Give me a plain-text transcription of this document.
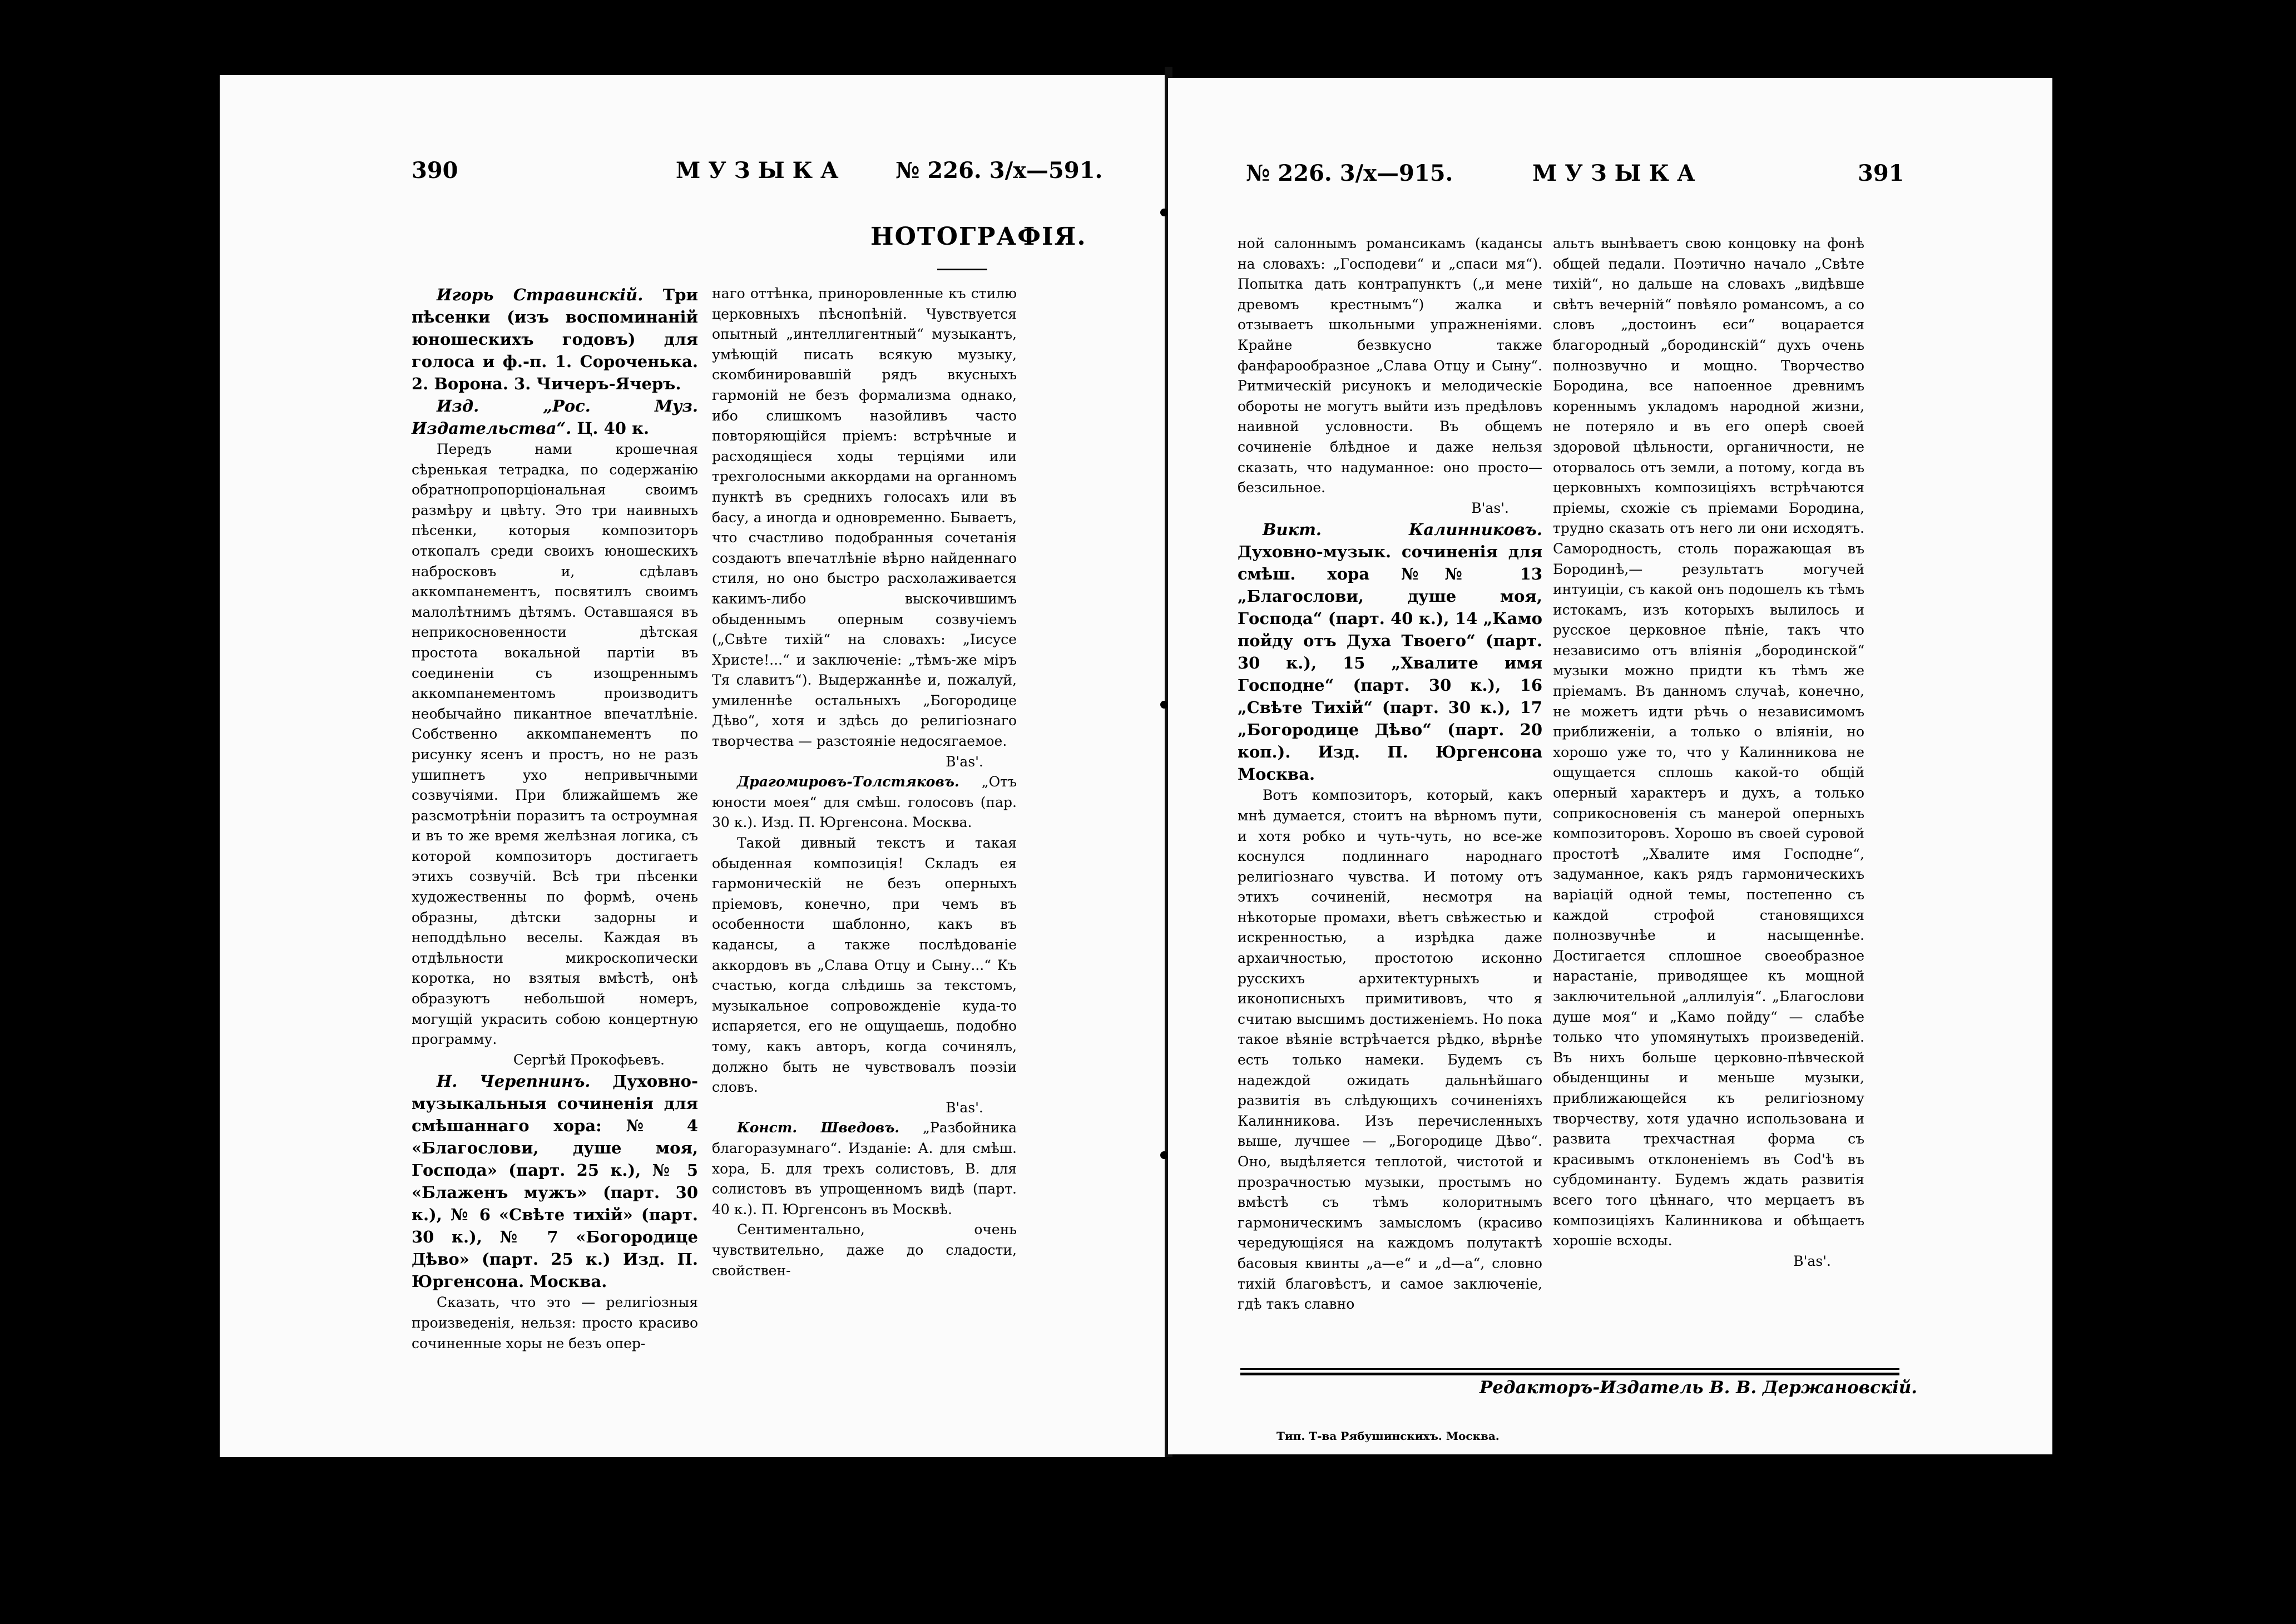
390	МУЗЫКА № 226. 3/х—591.
НОТОГРАФІЯ.

Игорь Стравинскій. Три пѣсенки (изъ воспоминаній юношескихъ годовъ) для голоса и ф.-п. 1. Сороченька. 2. Ворона. 3. Чичеръ-Ячеръ.

Изд. „Рос. Муз. Издательства“. Ц. 40 к.

Передъ нами крошечная сѣренькая тетрадка, по содержанію обратнопропорціональная своимъ размѣру и цвѣту. Это три наивныхъ пѣсенки, которыя композиторъ откопалъ среди своихъ юношескихъ набросковъ и, сдѣлавъ аккомпанементъ, посвятилъ своимъ малолѣтнимъ дѣтямъ. Оставшаяся въ неприкосновенности дѣтская простота вокальной партіи въ соединеніи съ изощреннымъ аккомпанементомъ производитъ необычайно пикантное впечатлѣніе. Собственно аккомпанементъ по рисунку ясенъ и простъ, но не разъ ушипнетъ ухо непривычными созвучіями. При ближайшемъ же разсмотрѣніи поразитъ та остроумная и въ то же время желѣзная логика, съ которой композиторъ достигаетъ этихъ созвучій. Всѣ три пѣсенки художественны по формѣ, очень образны, дѣтски задорны и неподдѣльно веселы. Каждая въ отдѣльности микроскопически коротка, но взятыя вмѣстѣ, онѣ образуютъ небольшой номеръ, могущій украсить собою концертную программу.

Сергѣй Прокофьевъ.

Н. Черепнинъ. Духовно-музыкальныя сочиненія для смѣшаннаго хора: № 4 «Благослови, душе моя, Господа» (парт. 25 к.), № 5 «Блаженъ мужъ» (парт. 30 к.), № 6 «Свѣте тихій» (парт. 30 к.), № 7 «Богородице Дѣво» (парт. 25 к.) Изд. П. Юргенсона. Москва.

Сказать, что это — религіозныя произведенія, нельзя: просто красиво сочиненные хоры не безъ опер-

наго оттѣнка, приноровленные къ стилю церковныхъ пѣснопѣній. Чувствуется опытный „интеллигентный“ музыкантъ, умѣющій писать всякую музыку, скомбинировавшій рядъ вкусныхъ гармоній не безъ формализма однако, ибо слишкомъ назойливъ часто повторяющійся пріемъ: встрѣчные и расходящіеся ходы терціями или трехголосными аккордами на органномъ пунктѣ въ среднихъ голосахъ или въ басу, а иногда и одновременно. Бываетъ, что счастливо подобранныя сочетанія создаютъ впечатлѣніе вѣрно найденнаго стиля, но оно быстро расхолаживается какимъ-либо выскочившимъ обыденнымъ оперным созвучіемъ („Свѣте тихій“ на словахъ: „Іисусе Христе!...“ и заключеніе: „тѣмъ-же міръ Тя славитъ“). Выдержаннѣе и, пожалуй, умиленнѣе остальныхъ „Богородице Дѣво“, хотя и здѣсь до религіознаго творчества — разстояніе недосягаемое.

B'as'.

Драгомировъ-Толстяковъ. „Отъ юности моея“ для смѣш. голосовъ (пар. 30 к.). Изд. П. Юргенсона. Москва.

Такой дивный текстъ и такая обыденная композиція! Складъ ея гармоническій не безъ оперныхъ пріемовъ, конечно, при чемъ въ особенности шаблонно, какъ въ кадансы, а также послѣдованіе аккордовъ въ „Слава Отцу и Сыну...“ Къ счастью, когда слѣдишь за текстомъ, музыкальное сопровожденіе куда-то испаряется, его не ощущаешь, подобно тому, какъ авторъ, когда сочинялъ, должно быть не чувствовалъ поэзіи словъ.

B'as'.

Конст. Шведовъ. „Разбойника благоразумнаго“. Изданіе: А. для смѣш. хора, Б. для трехъ солистовъ, В. для солистовъ въ упрощенномъ видѣ (парт. 40 к.). П. Юргенсонъ въ Москвѣ.

Сентиментально, очень чувствительно, даже до сладости, свойствен-

№ 226. 3/х—915.	МУЗЫКА	391

ной салоннымъ романсикамъ (кадансы на словахъ: „Господеви“ и „спаси мя“). Попытка дать контрапунктъ („и мене древомъ крестнымъ“) жалка и отзываетъ школьными упражненіями. Крайне безвкусно также фанфарообразное „Слава Отцу и Сыну“. Ритмическій рисунокъ и мелодическіе обороты не могутъ выйти изъ предѣловъ наивной условности. Въ общемъ сочиненіе блѣдное и даже нельзя сказать, что надуманное: оно просто—безсильное.

B'as'.

Викт. Калинниковъ. Духовно-музык. сочиненія для смѣш. хора №№ 13 „Благослови, душе моя, Господа“ (парт. 40 к.), 14 „Камо пойду отъ Духа Твоего“ (парт. 30 к.), 15 „Хвалите имя Господне“ (парт. 30 к.), 16 „Свѣте Тихій“ (парт. 30 к.), 17 „Богородице Дѣво“ (парт. 20 коп.). Изд. П. Юргенсона Москва.

Вотъ композиторъ, который, какъ мнѣ думается, стоитъ на вѣрномъ пути, и хотя робко и чуть-чуть, но все-же коснулся подлиннаго народнаго религіознаго чувства. И потому отъ этихъ сочиненій, несмотря на нѣкоторые промахи, вѣетъ свѣжестью и искренностью, а изрѣдка даже архаичностью, простотою исконно русскихъ архитектурныхъ и иконописныхъ примитивовъ, что я считаю высшимъ достиженіемъ. Но пока такое вѣяніе встрѣчается рѣдко, вѣрнѣе есть только намеки. Будемъ съ надеждой ожидать дальнѣйшаго развитія въ слѣдующихъ сочиненіяхъ Калинникова. Изъ перечисленныхъ выше, лучшее — „Богородице Дѣво“. Оно, выдѣляется теплотой, чистотой и прозрачностью музыки, простымъ но вмѣстѣ съ тѣмъ колоритнымъ гармоническимъ замысломъ (красиво чередующіяся на каждомъ полутактѣ басовыя квинты „а—е“ и „d—a“, словно тихій благовѣстъ, и самое заключеніе, гдѣ такъ славно

альтъ вынѣваетъ свою концовку на фонѣ общей педали. Поэтично начало „Свѣте тихій“, но дальше на словахъ „видѣвше свѣтъ вечерній“ повѣяло романсомъ, а со словъ „достоинъ еси“ воцарается благородный „бородинскій“ духъ очень полнозвучно и мощно. Творчество Бородина, все напоенное древнимъ кореннымъ укладомъ народной жизни, не потеряло и въ его оперѣ своей здоровой цѣльности, органичности, не оторвалось отъ земли, а потому, когда въ церковныхъ композиціяхъ встрѣчаются пріемы, схожіе съ пріемами Бородина, трудно сказать отъ него ли они исходятъ. Самородность, столь поражающая въ Бородинѣ,— результатъ могучей интуиціи, съ какой онъ подошелъ къ тѣмъ истокамъ, изъ которыхъ вылилось и русское церковное пѣніе, такъ что независимо отъ вліянія „бородинской“ музыки можно придти къ тѣмъ же пріемамъ. Въ данномъ случаѣ, конечно, не можетъ идти рѣчь о независимомъ приближеніи, а только о вліяніи, но хорошо уже то, что у Калинникова не ощущается сплошь какой-то общій оперный характеръ и духъ, а только соприкосновенія съ манерой оперныхъ композиторовъ. Хорошо въ своей суровой простотѣ „Хвалите имя Господне“, задуманное, какъ рядъ гармоническихъ варіацій одной темы, постепенно съ каждой строфой становящихся полнозвучнѣе и насыщеннѣе. Достигается сплошное своеобразное нарастаніе, приводящее къ мощной заключительной „аллилуія“. „Благослови душе моя“ и „Камо пойду“ — слабѣе только что упомянутыхъ произведеній. Въ нихъ больше церковно-пѣвческой обыденщины и меньше музыки, приближающейся къ религіозному творчеству, хотя удачно использована и развита трехчастная форма съ красивымъ отклоненіемъ въ Cod'ѣ въ субдоминанту. Будемъ ждать развитія всего того цѣннаго, что мерцаетъ въ композиціяхъ Калинникова и обѣщаетъ хорошіе всходы.

B'as'.

Редакторъ-Издатель В. В. Держановскій.
Тип. Т-ва Рябушинскихъ. Москва.
